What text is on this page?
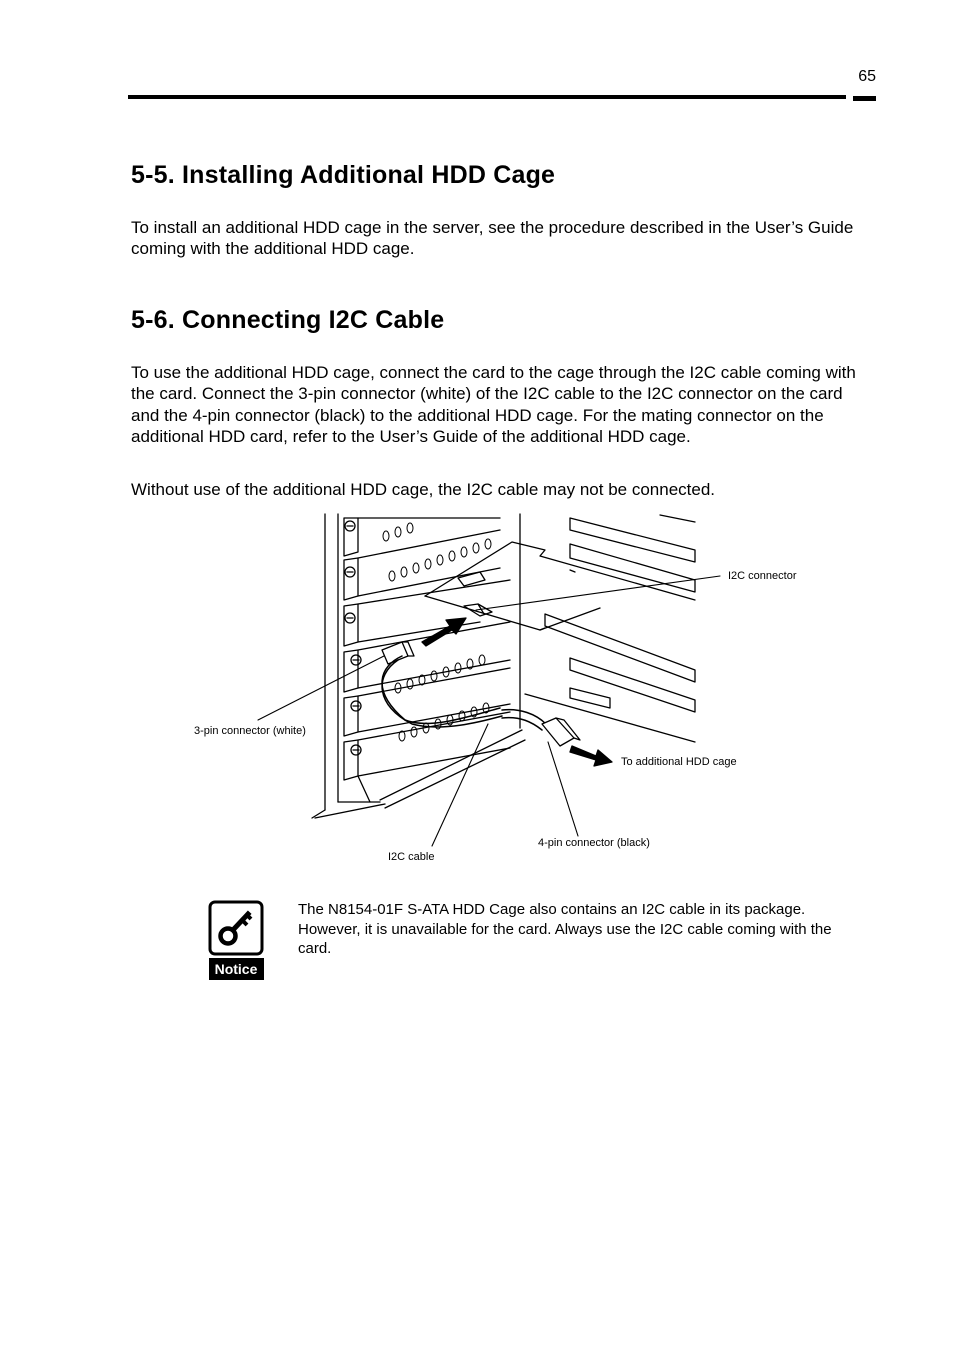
65
5-5. Installing Additional HDD Cage

To install an additional HDD cage in the server, see the procedure described in the User’s Guide coming with the additional HDD cage.

5-6. Connecting I2C Cable

To use the additional HDD cage, connect the card to the cage through the I2C cable coming with the card. Connect the 3-pin connector (white) of the I2C cable to the I2C connector on the card and the 4-pin connector (black) to the additional HDD cage. For the mating connector on the additional HDD card, refer to the User’s Guide of the additional HDD cage.

Without use of the additional HDD cage, the I2C cable may not be connected.

I2C connector
3-pin connector (white)
To additional HDD cage
4-pin connector (black)
I2C cable
Notice

The N8154-01F S-ATA HDD Cage also contains an I2C cable in its package. However, it is unavailable for the card. Always use the I2C cable coming with the card.
